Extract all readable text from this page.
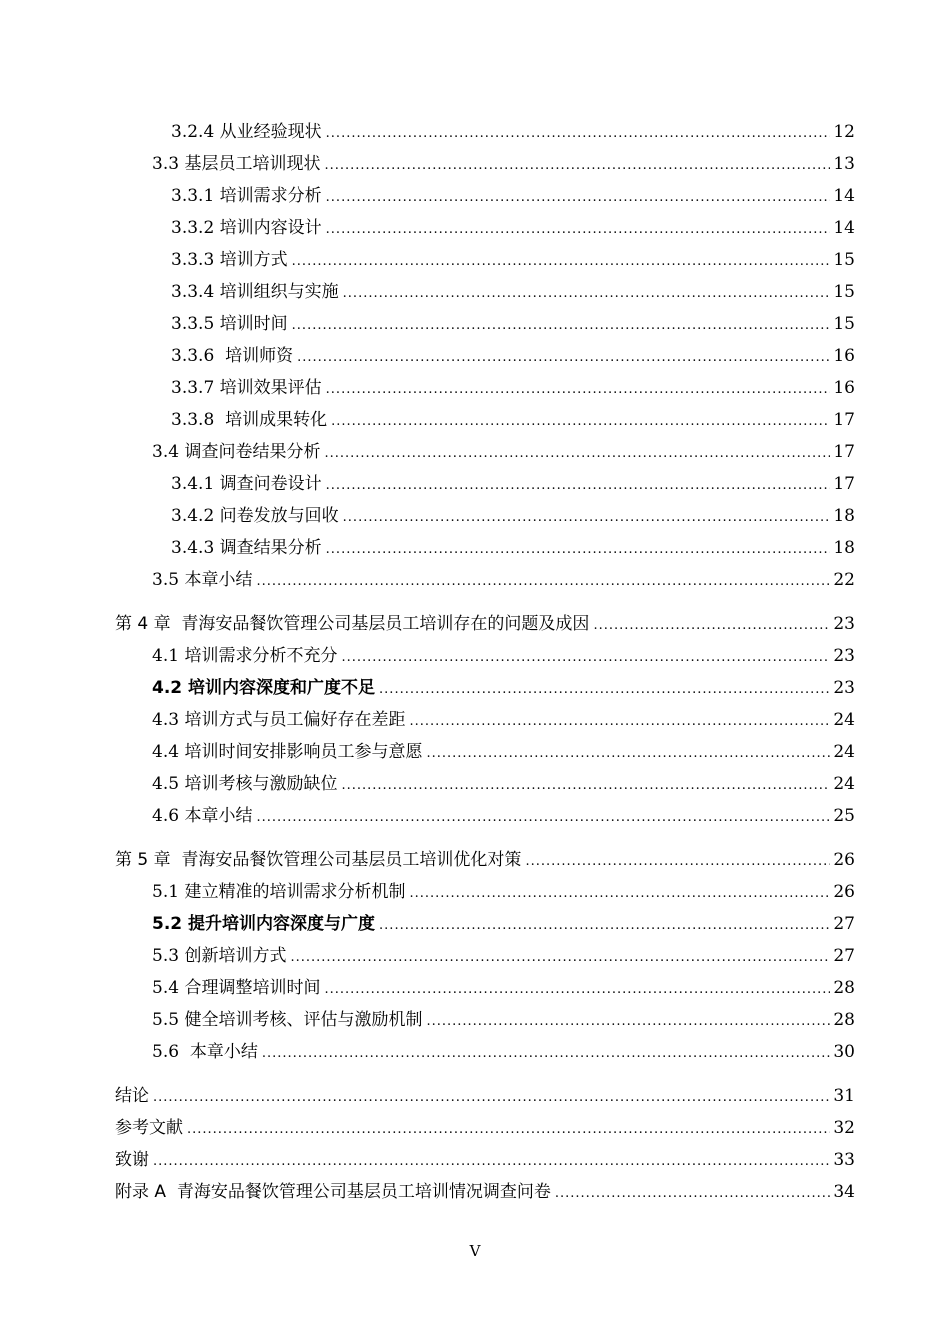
3.2.4 从业经验现状 .....	12
3.3 基层员工培训现状 .....	13
3.3.1 培训需求分析 .....	14
3.3.2 培训内容设计 .....	14
3.3.3 培训方式 .....	15
3.3.4 培训组织与实施 .....	15
3.3.5 培训时间 .....	15
3.3.6  培训师资 .....	16
3.3.7 培训效果评估 .....	16
3.3.8  培训成果转化 .....	17
3.4 调查问卷结果分析 .....	17
3.4.1 调查问卷设计 .....	17
3.4.2 问卷发放与回收 .....	18
3.4.3 调查结果分析 .....	18
3.5 本章小结 .....	22
第 4 章  青海安品餐饮管理公司基层员工培训存在的问题及成因 .....	23
4.1 培训需求分析不充分 .....	23
4.2 培训内容深度和广度不足 .....	23
4.3 培训方式与员工偏好存在差距 .....	24
4.4 培训时间安排影响员工参与意愿 .....	24
4.5 培训考核与激励缺位 .....	24
4.6 本章小结 .....	25
第 5 章  青海安品餐饮管理公司基层员工培训优化对策 .....	26
5.1 建立精准的培训需求分析机制 .....	26
5.2 提升培训内容深度与广度 .....	27
5.3 创新培训方式 .....	27
5.4 合理调整培训时间 .....	28
5.5 健全培训考核、评估与激励机制 .....	28
5.6  本章小结 .....	30
结论 .....	31
参考文献 .....	32
致谢 .....	33
附录 A  青海安品餐饮管理公司基层员工培训情况调查问卷 .....	34
V
